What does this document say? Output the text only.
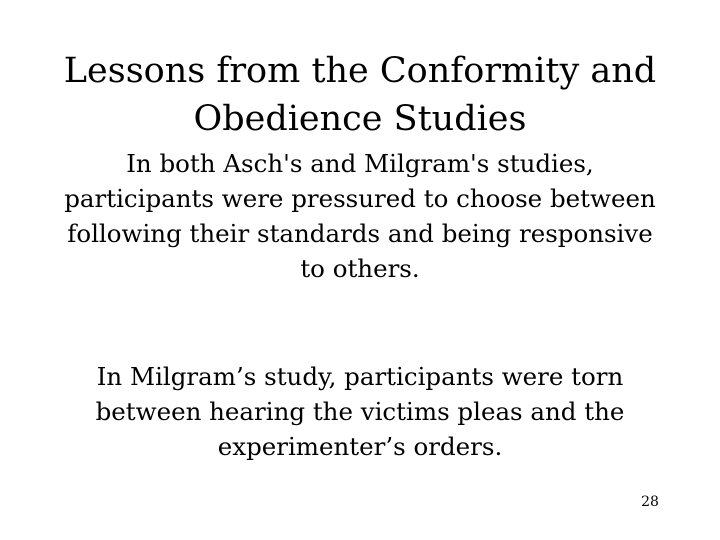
Lessons from the Conformity and
Obedience Studies
In both Asch's and Milgram's studies,
participants were pressured to choose between
following their standards and being responsive
to others.
In Milgram’s study, participants were torn
between hearing the victims pleas and the
experimenter’s orders.
28
